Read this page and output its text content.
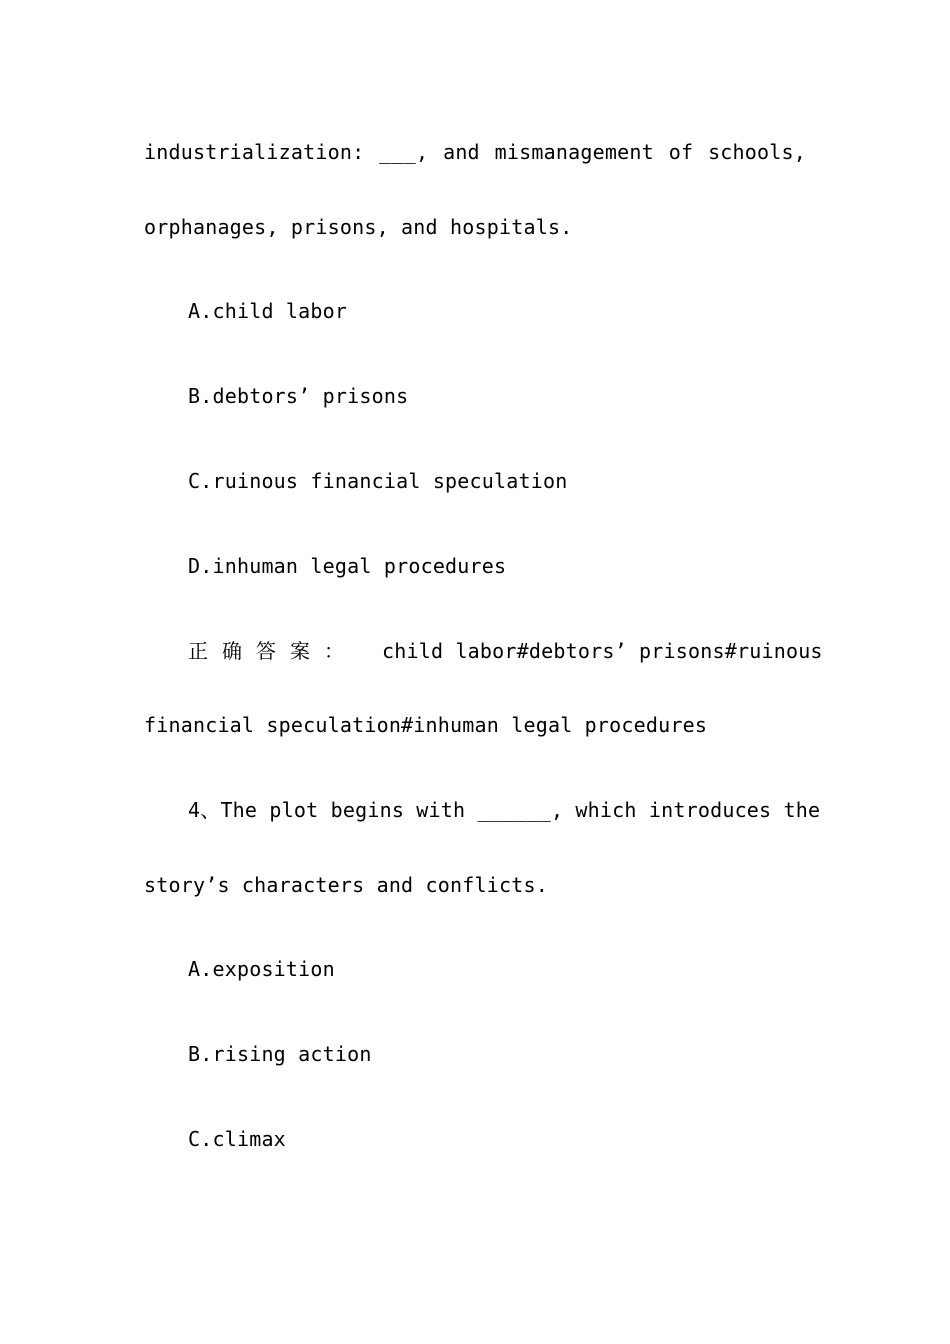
industrialization: ___, and mismanagement of schools,
orphanages, prisons, and hospitals.
A.child labor
B.debtors’ prisons
C.ruinous financial speculation
D.inhuman legal procedures
正确答案： child labor#debtors’ prisons#ruinous
financial speculation#inhuman legal procedures
4、The plot begins with ______, which introduces the
story’s characters and conflicts.
A.exposition
B.rising action
C.climax
